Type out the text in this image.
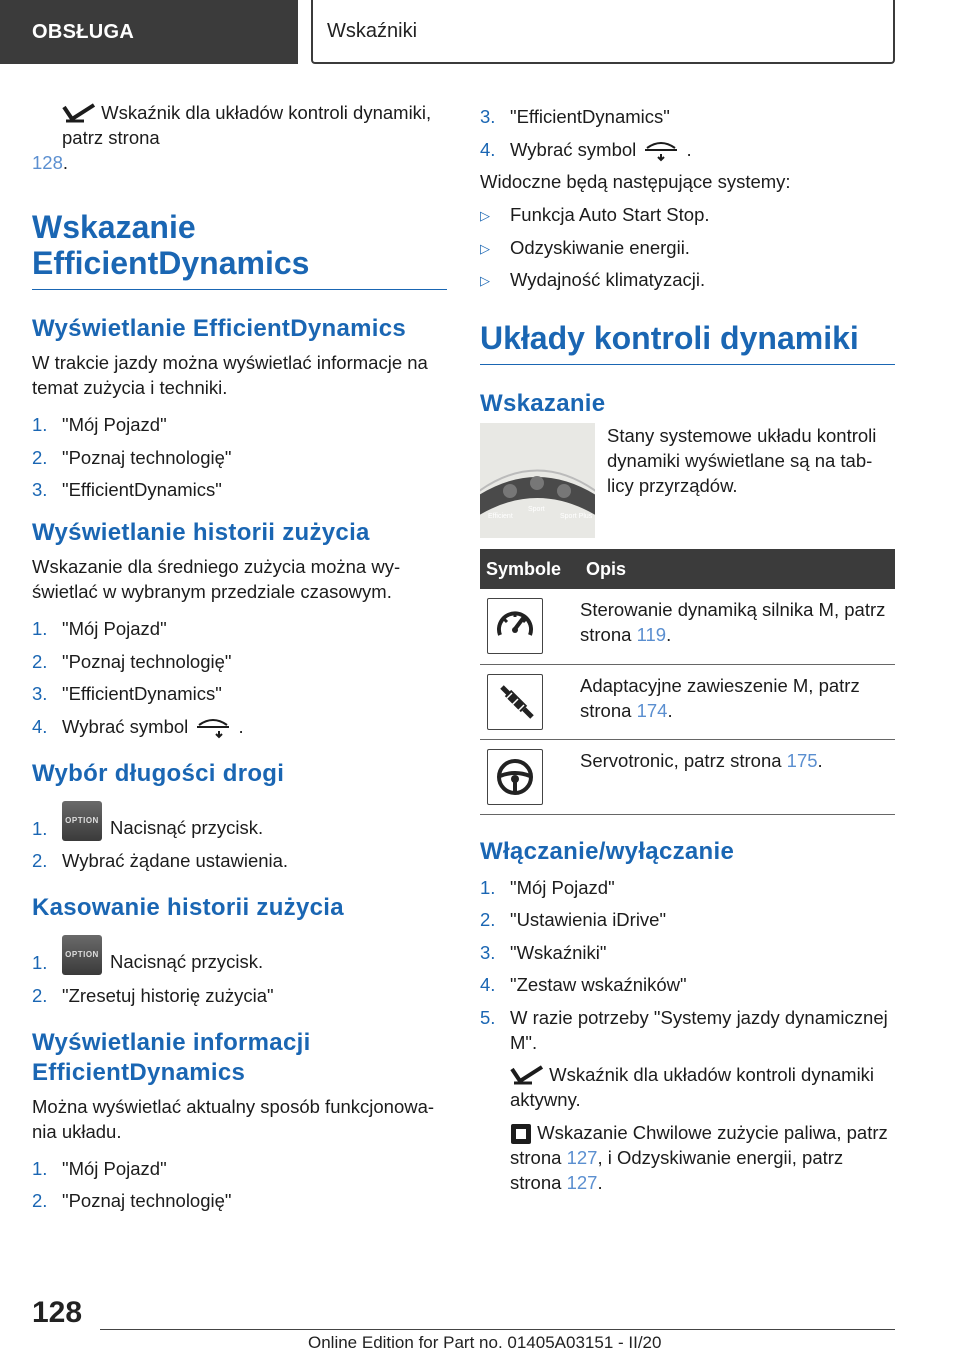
OBSŁUGA	Wskaźniki

Wskaźnik dla układów kontroli dynamiki, patrz strona

128.

Wskazanie
EfficientDynamics
Wyświetlanie EfficientDynamics

W trakcie jazdy można wyświetlać informacje na temat zużycia i techniki.

1. "Mój Pojazd"
2. "Poznaj technologię"
3. "EfficientDynamics"
Wyświetlanie historii zużycia

Wskazanie dla średniego zużycia można wy‐świetlać w wybranym przedziale czasowym.

1. "Mój Pojazd"
2. "Poznaj technologię"
3. "EfficientDynamics"
4. Wybrać symbol  .
Wybór długości drogi
1. OPTION Nacisnąć przycisk.
2. Wybrać żądane ustawienia.
Kasowanie historii zużycia
1. OPTION Nacisnąć przycisk.
2. "Zresetuj historię zużycia"
Wyświetlanie informacji
EfficientDynamics

Można wyświetlać aktualny sposób funkcjonowa‐nia układu.

1. "Mój Pojazd"
2. "Poznaj technologię"
3. "EfficientDynamics"
4. Wybrać symbol  .

Widoczne będą następujące systemy:

▷ Funkcja Auto Start Stop.
▷ Odzyskiwanie energii.
▷ Wydajność klimatyzacji.
Układy kontroli dynamiki
Wskazanie
Efficient
Sport
Sport Plus

Stany systemowe układu kontroli dynamiki wyświetlane są na tab‐licy przyrządów.

Symbole	Opis

	Sterowanie dynamiką silnika M, patrz strona 119.

	Adaptacyjne zawieszenie M, patrz strona 174.

	Servotronic, patrz strona 175.
Włączanie/wyłączanie
1. "Mój Pojazd"
2. "Ustawienia iDrive"
3. "Wskaźniki"
4. "Zestaw wskaźników"
5. W razie potrzeby "Systemy jazdy dynamicznej M".

Wskaźnik dla układów kontroli dynamiki aktywny.

Wskazanie Chwilowe zużycie paliwa, patrz strona 127, i Odzyskiwanie energii, patrz strona 127.

128
Online Edition for Part no. 01405A03151 - II/20
